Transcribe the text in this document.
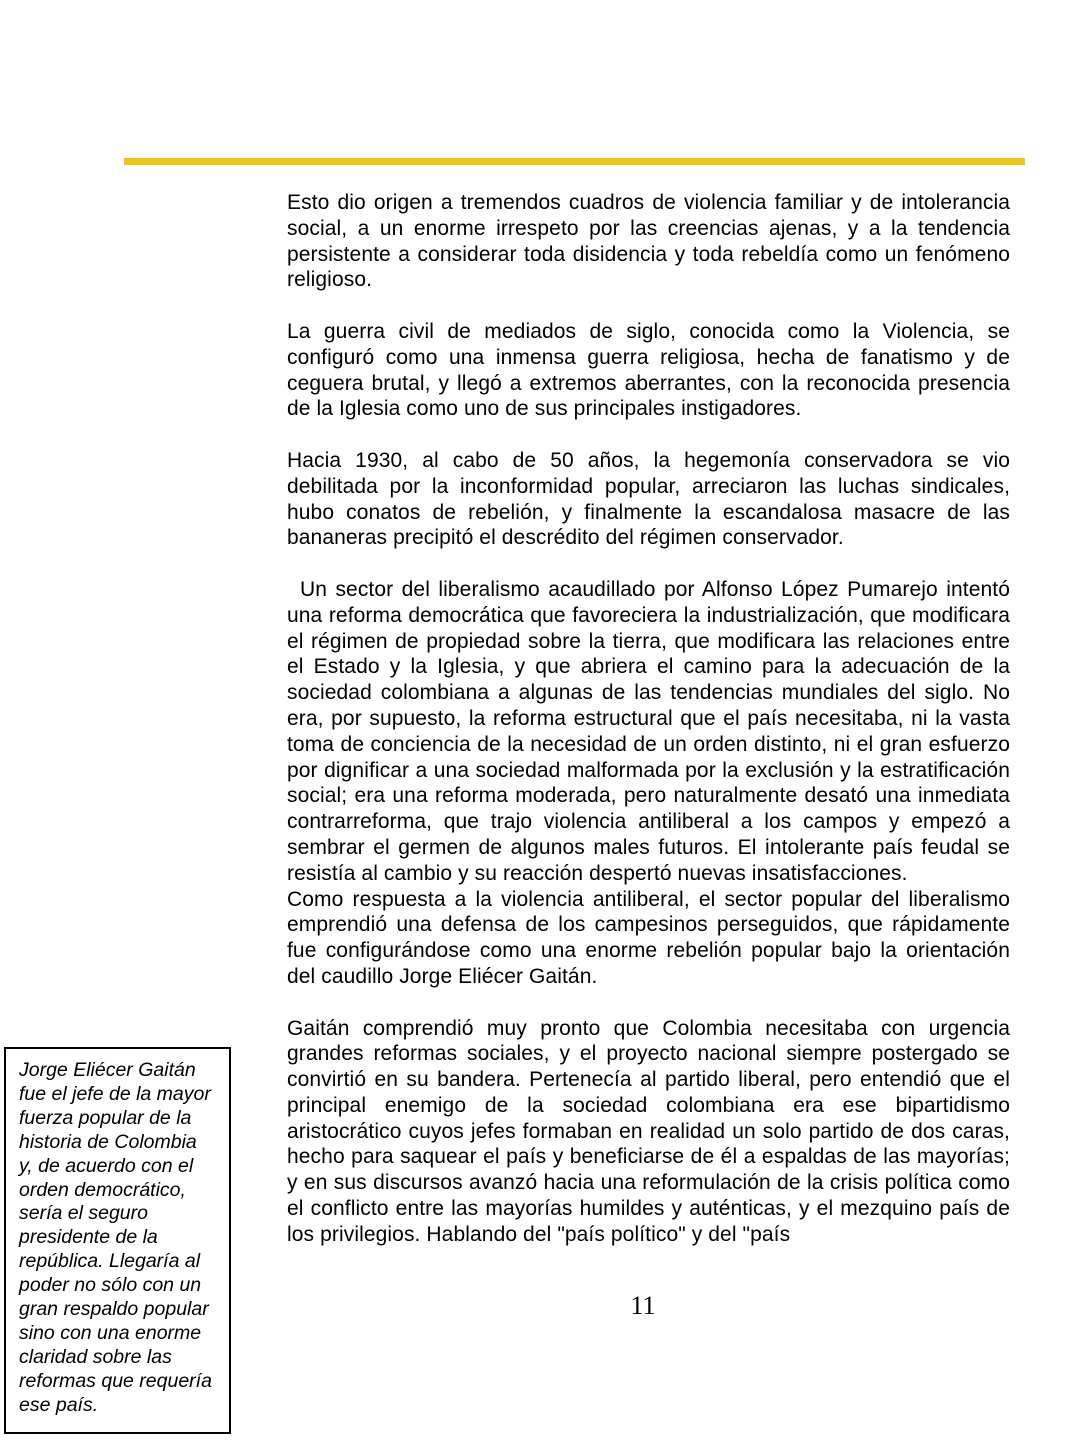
Esto dio origen a tremendos cuadros de violencia familiar y de intolerancia social, a un enorme irrespeto por las creencias ajenas, y a la tendencia persistente a considerar toda disidencia y toda rebeldía como un fenómeno religioso.

La guerra civil de mediados de siglo, conocida como la Violencia, se configuró como una inmensa guerra religiosa, hecha de fanatismo y de ceguera brutal, y llegó a extremos aberrantes, con la reconocida presencia de la Iglesia como uno de sus principales instigadores.

Hacia 1930, al cabo de 50 años, la hegemonía conservadora se vio debilitada por la inconformidad popular, arreciaron las luchas sindicales, hubo conatos de rebelión, y finalmente la escandalosa masacre de las bananeras precipitó el descrédito del régimen conservador.

Un sector del liberalismo acaudillado por Alfonso López Pumarejo intentó una reforma democrática que favoreciera la industrialización, que modificara el régimen de propiedad sobre la tierra, que modificara las relaciones entre el Estado y la Iglesia, y que abriera el camino para la adecuación de la sociedad colombiana a algunas de las tendencias mundiales del siglo. No era, por supuesto, la reforma estructural que el país necesitaba, ni la vasta toma de conciencia de la necesidad de un orden distinto, ni el gran esfuerzo por dignificar a una sociedad malformada por la exclusión y la estratificación social; era una reforma moderada, pero naturalmente desató una inmediata contrarreforma, que trajo violencia antiliberal a los campos y empezó a sembrar el germen de algunos males futuros. El intolerante país feudal se resistía al cambio y su reacción despertó nuevas insatisfacciones.

Como respuesta a la violencia antiliberal, el sector popular del liberalismo emprendió una defensa de los campesinos perseguidos, que rápidamente fue configurándose como una enorme rebelión popular bajo la orientación del caudillo Jorge Eliécer Gaitán.

Gaitán comprendió muy pronto que Colombia necesitaba con urgencia grandes reformas sociales, y el proyecto nacional siempre postergado se convirtió en su bandera. Pertenecía al partido liberal, pero entendió que el principal enemigo de la sociedad colombiana era ese bipartidismo aristocrático cuyos jefes formaban en realidad un solo partido de dos caras, hecho para saquear el país y beneficiarse de él a espaldas de las mayorías; y en sus discursos avanzó hacia una reformulación de la crisis política como el conflicto entre las mayorías humildes y auténticas, y el mezquino país de los privilegios. Hablando del "país político" y del "país

Jorge Eliécer Gaitán fue el jefe de la mayor fuerza popular de la historia de Colombia y, de acuerdo con el orden democrático, sería el seguro presidente de la república. Llegaría al poder no sólo con un gran respaldo popular sino con una enorme claridad sobre las reformas que requería ese país.
11
